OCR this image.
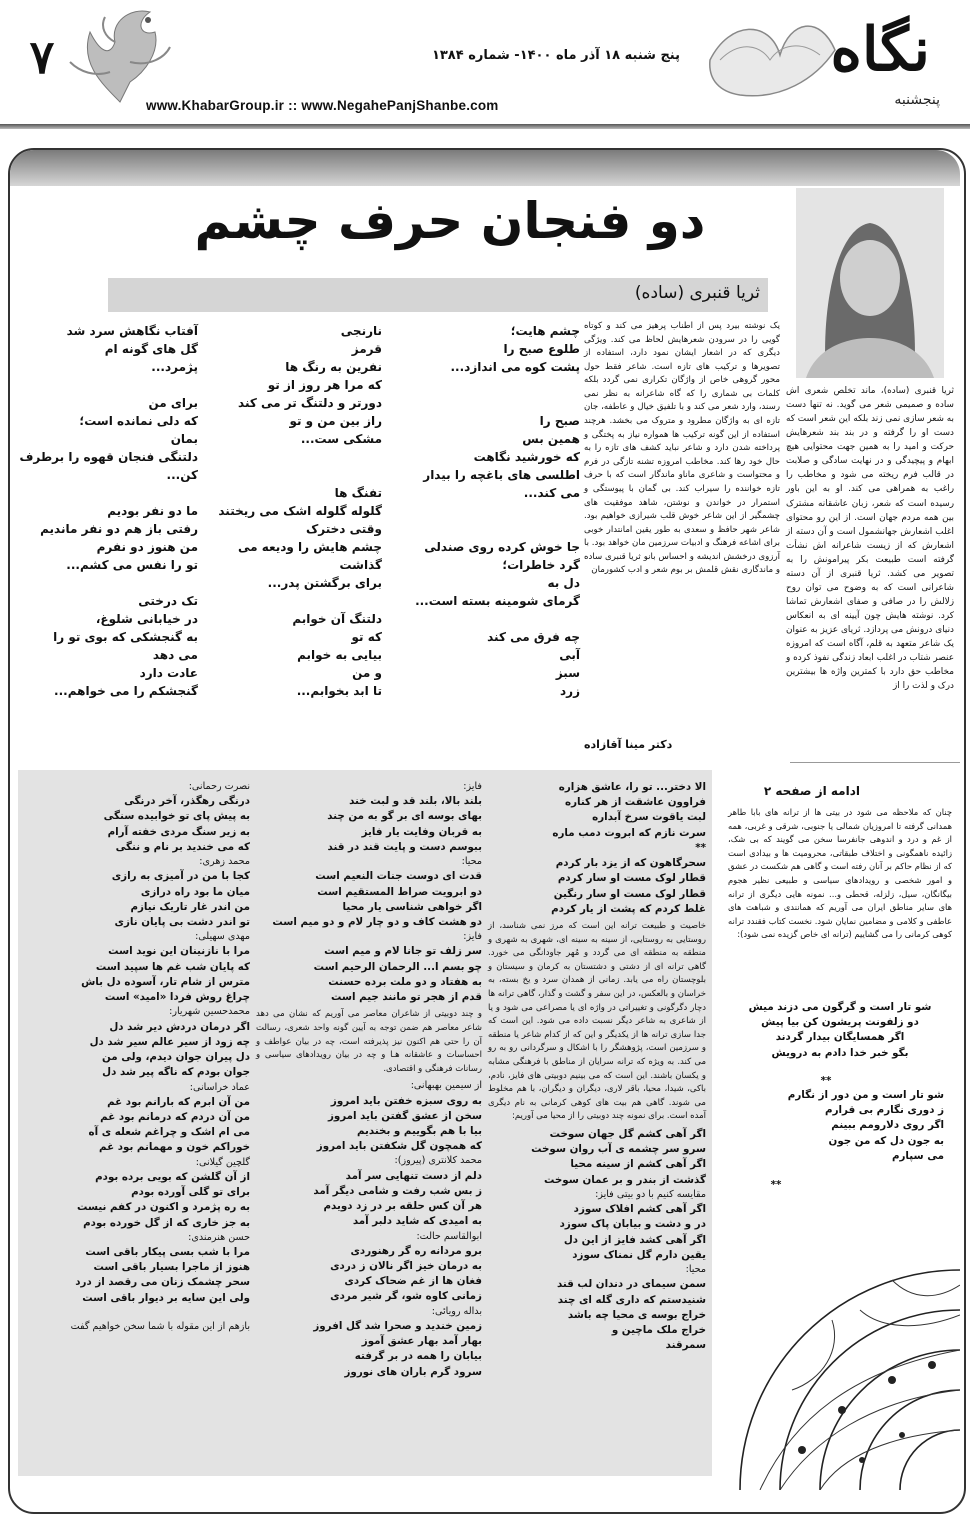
۷	نگاه
پنجشنبه
پنج شنبه ۱۸ آذر ماه ۱۴۰۰- شماره ۱۳۸۴
www.KhabarGroup.ir :: www.NegahePanjShanbe.com
دو فنجان حرف چشم
ثریا قنبری (ساده)
ثریا قنبری (ساده)، ماند تخلص شعری اش ساده و صمیمی شعر می گوید. نه تنها دست به شعر سازی نمی زند بلکه این شعر است که دست او را گرفته و در بند بند شعرهایش حرکت و امید را به همین جهت محتوایی هیچ ابهام و پیچیدگی و در نهایت سادگی و صلابت در قالب فرم ریخته می شود و مخاطب را راغب به همراهی می کند. او به این باور رسیده است که شعر، زبان عاشقانه مشترک بین همه مردم جهان است. از این رو محتوای اغلب اشعارش جهانشمول است و آن دسته از اشعارش که از زیست شاعرانه اش نشأت گرفته است طبیعت بکر پیرامونش را به تصویر می کشد. ثریا قنبری از آن دسته شاعرانی است که به وضوح می توان روح زلالش را در صافی و صفای اشعارش تماشا کرد. نوشته هایش چون آیینه ای به انعکاس دنیای درونش می پردازد. ثریای عزیز به عنوان یک شاعر متعهد به قلم، آگاه است که امروزه عنصر شتاب در اغلب ابعاد زندگی نفوذ کرده و مخاطب حق دارد با کمترین واژه ها بیشترین درک و لذت را از
یک نوشته بیرد پس از اطناب پرهیز می کند و کوتاه گویی را در سرودن شعرهایش لحاظ می کند. ویژگی دیگری که در اشعار ایشان نمود دارد، استفاده از تصویرها و ترکیب های تازه است. شاعر فقط حول محور گروهی خاص از واژگان تکراری نمی گردد بلکه کلمات بی شماری را که گاه شاعرانه به نظر نمی رسند، وارد شعر می کند و با تلفیق خیال و عاطفه، جان تازه ای به واژگان مطرود و متروک می بخشد. هرچند استفاده از این گونه ترکیب ها همواره نیاز به پختگی و پرداخته شدن دارد و شاعر نباید کشف های تازه را به حال خود رها کند. مخاطب امروزه تشنه تازگی در فرم و محتواست و شاعری ماناو ماندگار است که با حرف تازه خواننده را سیراب کند. بی گمان با پیوستگی و استمرار در خواندن و نوشتن، شاهد موفقیت های چشمگیر از این شاعر خوش قلب شیرازی خواهیم بود. شاعر شهر حافظ و سعدی به طور یقین امانتدار خوبی برای اشاعه فرهنگ و ادبیات سرزمین مان خواهد بود. با آرزوی درخشش اندیشه و احساس بانو ثریا قنبری ساده و ماندگاری نقش قلمش بر بوم شعر و ادب کشورمان
دکتر مینا آقازاده
چشم هایت؛
طلوع صبح را
پشت کوه می اندازد...
صبح را
همین بس
که خورشید نگاهت
اطلسی های باغچه را بیدار
می کند...
جا خوش کرده روی صندلی
گرد خاطرات؛
دل به
گرمای شومینه بسته است...
چه فرق می کند
آبی
سبز
زرد
نارنجی
قرمز
نفرین به رنگ ها
که مرا هر روز از تو
دورتر و دلتنگ تر می کند
راز بین من و تو
مشکی ست...
تفنگ ها
گلوله گلوله اشک می ریختند
وقتی دخترک
چشم هایش را ودیعه می
گذاشت
برای برگشتن پدر...
دلتنگ آن خوابم
که تو
بیایی به خوابم
و من
تا ابد بخوابم...
آفتاب نگاهش سرد شد
گل های گونه ام
پژمرد...
برای من
که دلی نمانده است؛
بمان
دلتنگی فنجان قهوه را برطرف
کن...
ما دو نفر بودیم
رفتی باز هم دو نفر ماندیم
من هنوز دو نفرم
تو را نفس می کشم...
تک درختی
در خیابانی شلوغ،
به گنجشکی که بوی تو را
می دهد
عادت دارد
گنجشکم را می خواهم...
ادامه از صفحه ۲
چنان که ملاحظه می شود در بیتی ها از ترانه های بابا طاهر همدانی گرفته تا امروزیان شمالی یا جنوبی، شرقی و غربی، همه از غم و درد و اندوهی جانفرسا سخن می گویند که بی شک، زائیده ناهمگونی و اختلاف طبقاتی، محرومیت ها و بیدادی است که از نظام حاکم بر آنان رفته است و گاهی هم شکست در عشق و امور شخصی و رویدادهای سیاسی و طبیعی نظیر هجوم بیگانگان، سیل، زلزله، قحطی و... نمونه هایی دیگری از ترانه های سایر مناطق ایران می آوریم که همانندی و شباهت های عاطفی و کلامی و مضامین نمایان شود. نخست کتاب فقندد ترانه کوهی کرمانی را می گشاییم (ترانه ای خاص گزیده نمی شود):
شو تار است و گرگون می دزند میش
دو زلفونت پریشون کن بیا پیش
اگر همسایگان بیدار گردند
بگو خبر خدا دادم به درویش
**
شو تار است و من دور از نگارم
ز دوری نگارم بی قرارم
اگر روی دلارومم ببینم
به جون دل که من جون
می سپارم
**
الا دختر... تو را، عاشق هزاره
فراوون عاشقت از هر کناره
لبت یاقوت سرخ آبداره
سرت نازم که ابروت دمب ماره
**
سحرگاهون که از یزد بار کردم
قطار لوک مست او سار کردم
قطار لوک مست او سار رنگین
غلط کردم که پشت از یار کردم
خاصیت و طبیعت ترانه این است که مرز نمی شناسد، از روستایی به روستایی، از سینه به سینه ای، شهری به شهری و منطقه به منطقه ای می گردد و مُهر جاودانگی می خورد. گاهی ترانه ای از دشتی و دشتستان به کرمان و سیستان و بلوچستان راه می یابد. زمانی از همدان سرد و یخ بسته، به خراسان و بالعکس، در این سفر و گشت و گذار، گاهی ترانه ها دچار دگرگونی و تغییراتی در واژه ای یا مصراعی می شود و یا از شاعری به شاعر دیگر نسبت داده می شود. این است که جدا سازی ترانه ها از یکدیگر و این که از کدام شاعر یا منطقه و سرزمین است، پژوهشگر را با اشکال و سرگردانی رو به رو می کند. به ویژه که ترانه سرایان از مناطق با فرهنگی مشابه و یکسان باشند. این است که می بینیم دوبیتی های فایز، نادم، باکی، شیدا، محیا، باقر لاری، دیگران و دیگران، با هم مخلوط می شوند. گاهی هم بیت های کوهی کرمانی به نام دیگری آمده است. برای نمونه چند دوبیتی را از محیا می آوریم:
اگر آهی کشم گل جهان سوخت
سرو سر چشمه ی آب روان سوخت
اگر آهی کشم از سینه محیا
گذشت از بندر و بر عمان سوخت
مقایسه کنیم با دو بیتی فایز:
اگر آهی کشم افلاک سوزد
در و دشت و بیابان پاک سوزد
اگر آهی کشد فایز از این دل
یقین دارم گل نمناک سوزد
محیا:
سمن سیمای در دندان لب قند
شنیدستم که داری گله ای چند
خراج بوسه ی محیا چه باشد
خراج ملک ماچین و
سمرقند
فایز:
بلند بالا، بلند قد و لبت خند
بهای بوسه ای بر گو به من چند
به قربان وفایت یار فایز
ببوسم دست و پایت قند در قند
محیا:
قدت ای دوست جنات النعیم است
دو ابرویت صراط المستقیم است
اگر خواهی شناسی یار محیا
دو هشت کاف و دو چار لام و دو میم است
فایز:
سر زلف تو جانا لام و میم است
چو بسم ا... الرحمان الرحیم است
به هفتاد و دو ملت برده حسنت
قدم از هجر تو مانند جیم است
و چند دوبیتی از شاعران معاصر می آوریم که نشان می دهد شاعر معاصر هم ضمن توجه به آیین گونه واحد شعری، رسالت آن را حتی هم اکنون نیز پذیرفته است، چه در بیان عواطف و احساسات و عاشقانه هـا و چه در بیان رویدادهای سیاسی و رسانات فرهنگی و اقتصادی.
از سیمین بهبهانی:
به روی سبزه خفتن باید امروز
سخن از عشق گفتن باید امروز
بیا با هم بگوییم و بخندیم
که همچون گل شکفتن باید امروز
محمد کلانتری (پیروز):
دلم از دست تنهایی سر آمد
ز بس شب رفت و شامی دیگر آمد
هر آن کس حلقه بر در زد دویدم
به امیدی که شاید دلبر آمد
ابوالقاسم حالت:
برو مردانه ره گر رهنوردی
به درمان خیز اگر نالان ز دردی
فغان ها از غم ضحاک کردی
زمانی کاوه شو، گر شیر مردی
بداله رویائی:
زمین خندید و صحرا شد گل افروز
بهار آمد بهار عشق آموز
بیابان را همه در بر گرفته
سرود گرم باران های نوروز
نصرت رحمانی:
درنگی رهگذر، آخر درنگی
به پیش پای تو خوابیده سنگی
به زیر سنگ مردی خفته آرام
که می خندید بر نام و ننگی
محمد زهری:
کجا با من در آمیزی به رازی
میان ما بود راه درازی
من اندر غار تاریک نیازم
تو اندر دشت بی پایان نازی
مهدی سهیلی:
مرا با نازنینان این نوید است
که پایان شب غم ها سپید است
مترس از شام تار، آسوده دل باش
چراغ روش فردا «امید» است
محمدحسین شهریار:
اگر درمان دردش دیر شد دل
چه زود از سیر عالم سیر شد دل
دل پیران جوان دیدم، ولی من
جوان بودم که ناگه پیر شد دل
عماد خراسانی:
من آن ابرم که بارانم بود غم
من آن دردم که درمانم بود غم
می ام اشک و چراغم شعله ی آه
خوراکم خون و مهمانم بود غم
گلچین گیلانی:
از آن گلشن که بویی برده بودم
برای تو گلی آورده بودم
به ره پژمرد و اکنون در کفم نیست
به جز خاری که از گل خورده بودم
حسن هنرمندی:
مرا با شب بسی پیکار باقی است
هنوز از ماجرا بسیار باقی است
سحر چشمک زنان می رقصد از درد
ولی این سایه بر دیوار باقی است
بازهم از این مقوله با شما سخن خواهیم گفت
